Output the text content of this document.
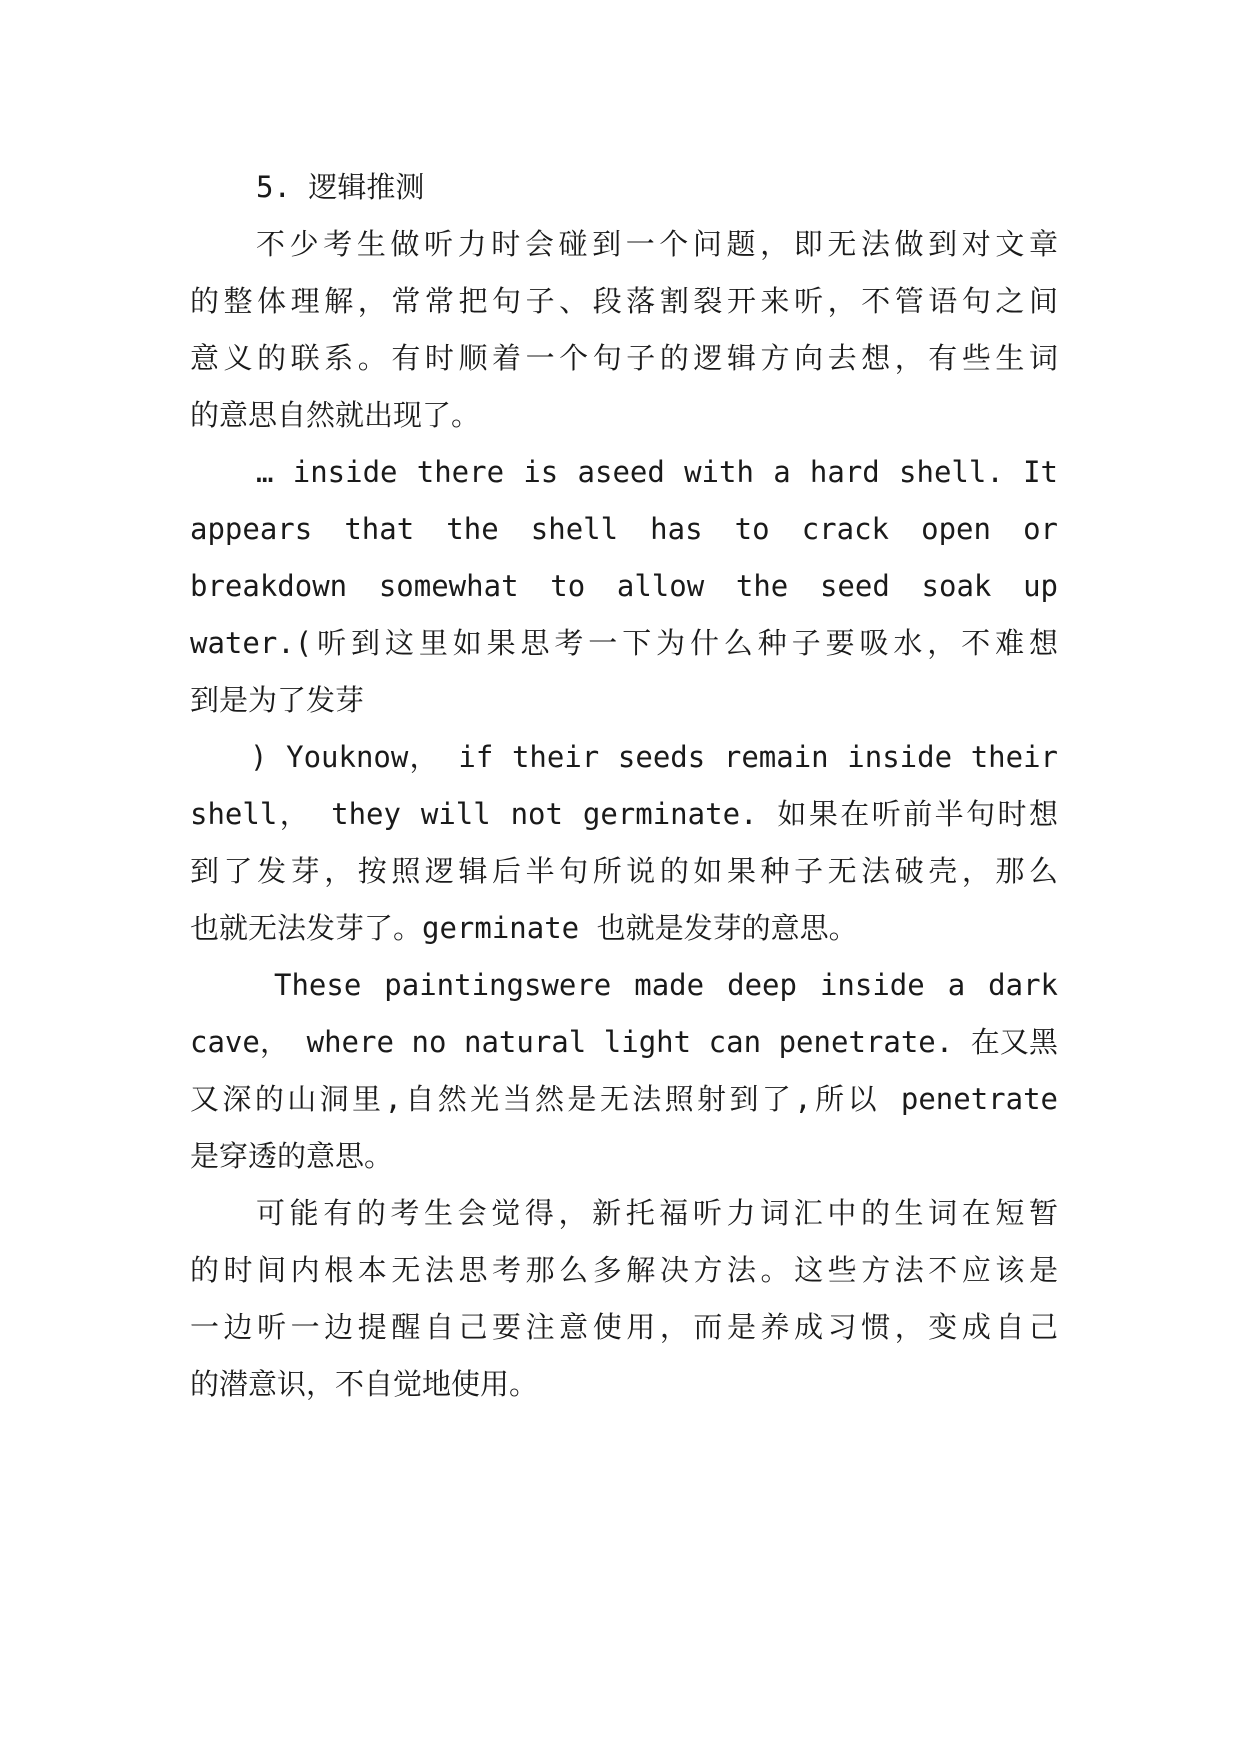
5. 逻辑推测
不少考生做听力时会碰到一个问题，即无法做到对文章
的整体理解，常常把句子、段落割裂开来听，不管语句之间
意义的联系。有时顺着一个句子的逻辑方向去想，有些生词
的意思自然就出现了。
… inside there is aseed with a hard shell. It
appears that the shell has to crack open or
breakdown somewhat to allow the seed soak up
water.(听到这里如果思考一下为什么种子要吸水，不难想
到是为了发芽
) Youknow， if their seeds remain inside their
shell， they will not germinate. 如果在听前半句时想
到了发芽，按照逻辑后半句所说的如果种子无法破壳，那么
也就无法发芽了。germinate 也就是发芽的意思。
These paintingswere made deep inside a dark
cave， where no natural light can penetrate. 在又黑
又深的山洞里,自然光当然是无法照射到了,所以 penetrate
是穿透的意思。
可能有的考生会觉得，新托福听力词汇中的生词在短暂
的时间内根本无法思考那么多解决方法。这些方法不应该是
一边听一边提醒自己要注意使用，而是养成习惯，变成自己
的潜意识，不自觉地使用。
